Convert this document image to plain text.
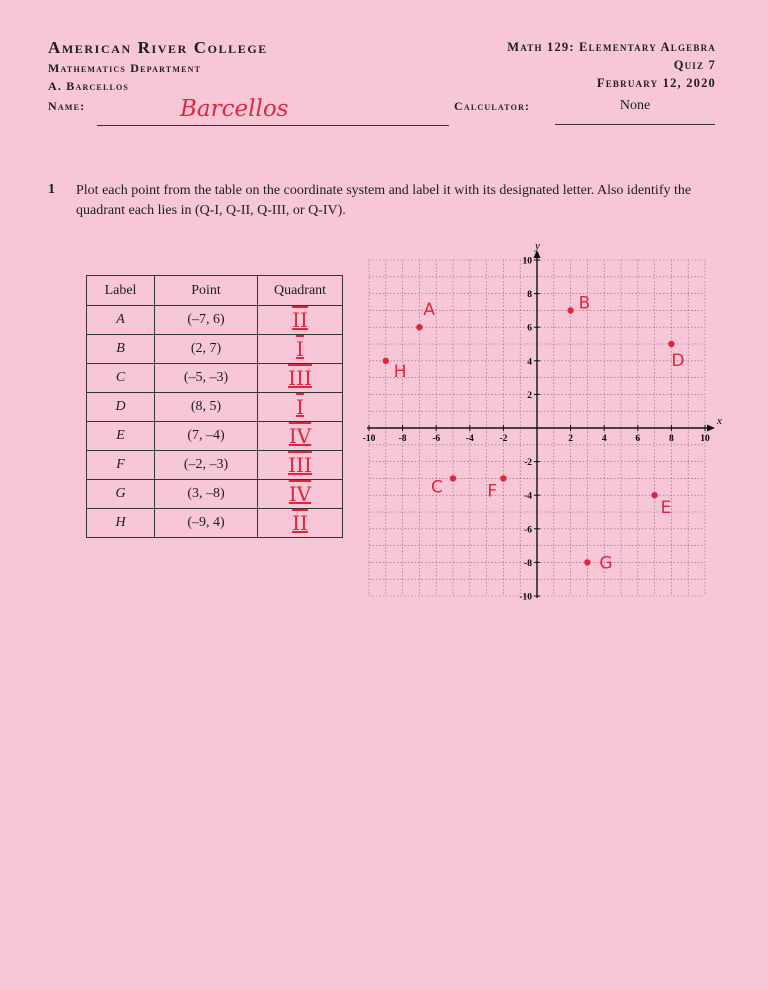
American River College
Mathematics Department
A. Barcellos
Math 129: Elementary Algebra
Quiz 7
February 12, 2020
Name:	Barcellos	Calculator:	None
1 Plot each point from the table on the coordinate system and label it with its designated letter. Also identify the quadrant each lies in (Q-I, Q-II, Q-III, or Q-IV).
Label	Point	Quadrant
A	(–7, 6)	II
B	(2, 7)	I
C	(–5, –3)	III
D	(8, 5)	I
E	(7, –4)	IV
F	(–2, –3)	III
G	(3, –8)	IV
H	(–9, 4)	II
x
y
-10 -8	-6	-4	-2	2	4	6	8	10
10
8
6
4
2
-2
-4
-6
-8
-10
A	B
C
D
E
F
G
H
